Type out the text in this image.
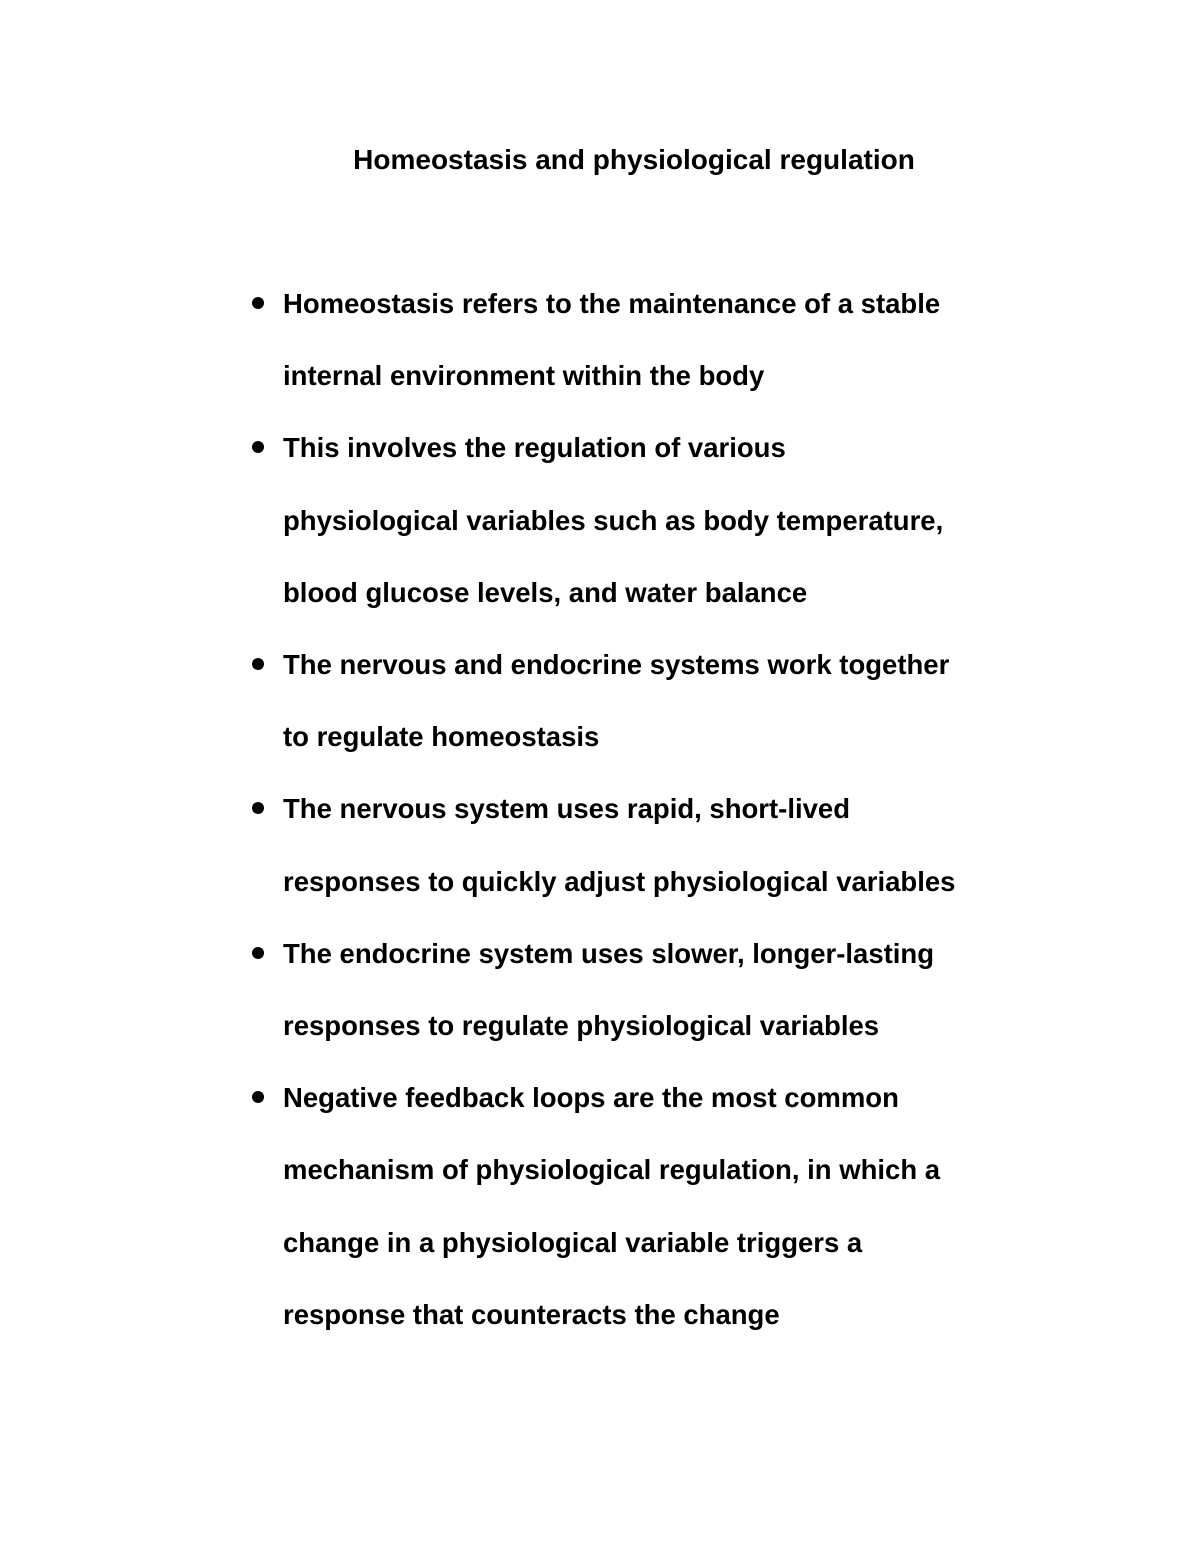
Homeostasis and physiological regulation
Homeostasis refers to the maintenance of a stable
internal environment within the body
This involves the regulation of various
physiological variables such as body temperature,
blood glucose levels, and water balance
The nervous and endocrine systems work together
to regulate homeostasis
The nervous system uses rapid, short-lived
responses to quickly adjust physiological variables
The endocrine system uses slower, longer-lasting
responses to regulate physiological variables
Negative feedback loops are the most common
mechanism of physiological regulation, in which a
change in a physiological variable triggers a
response that counteracts the change
